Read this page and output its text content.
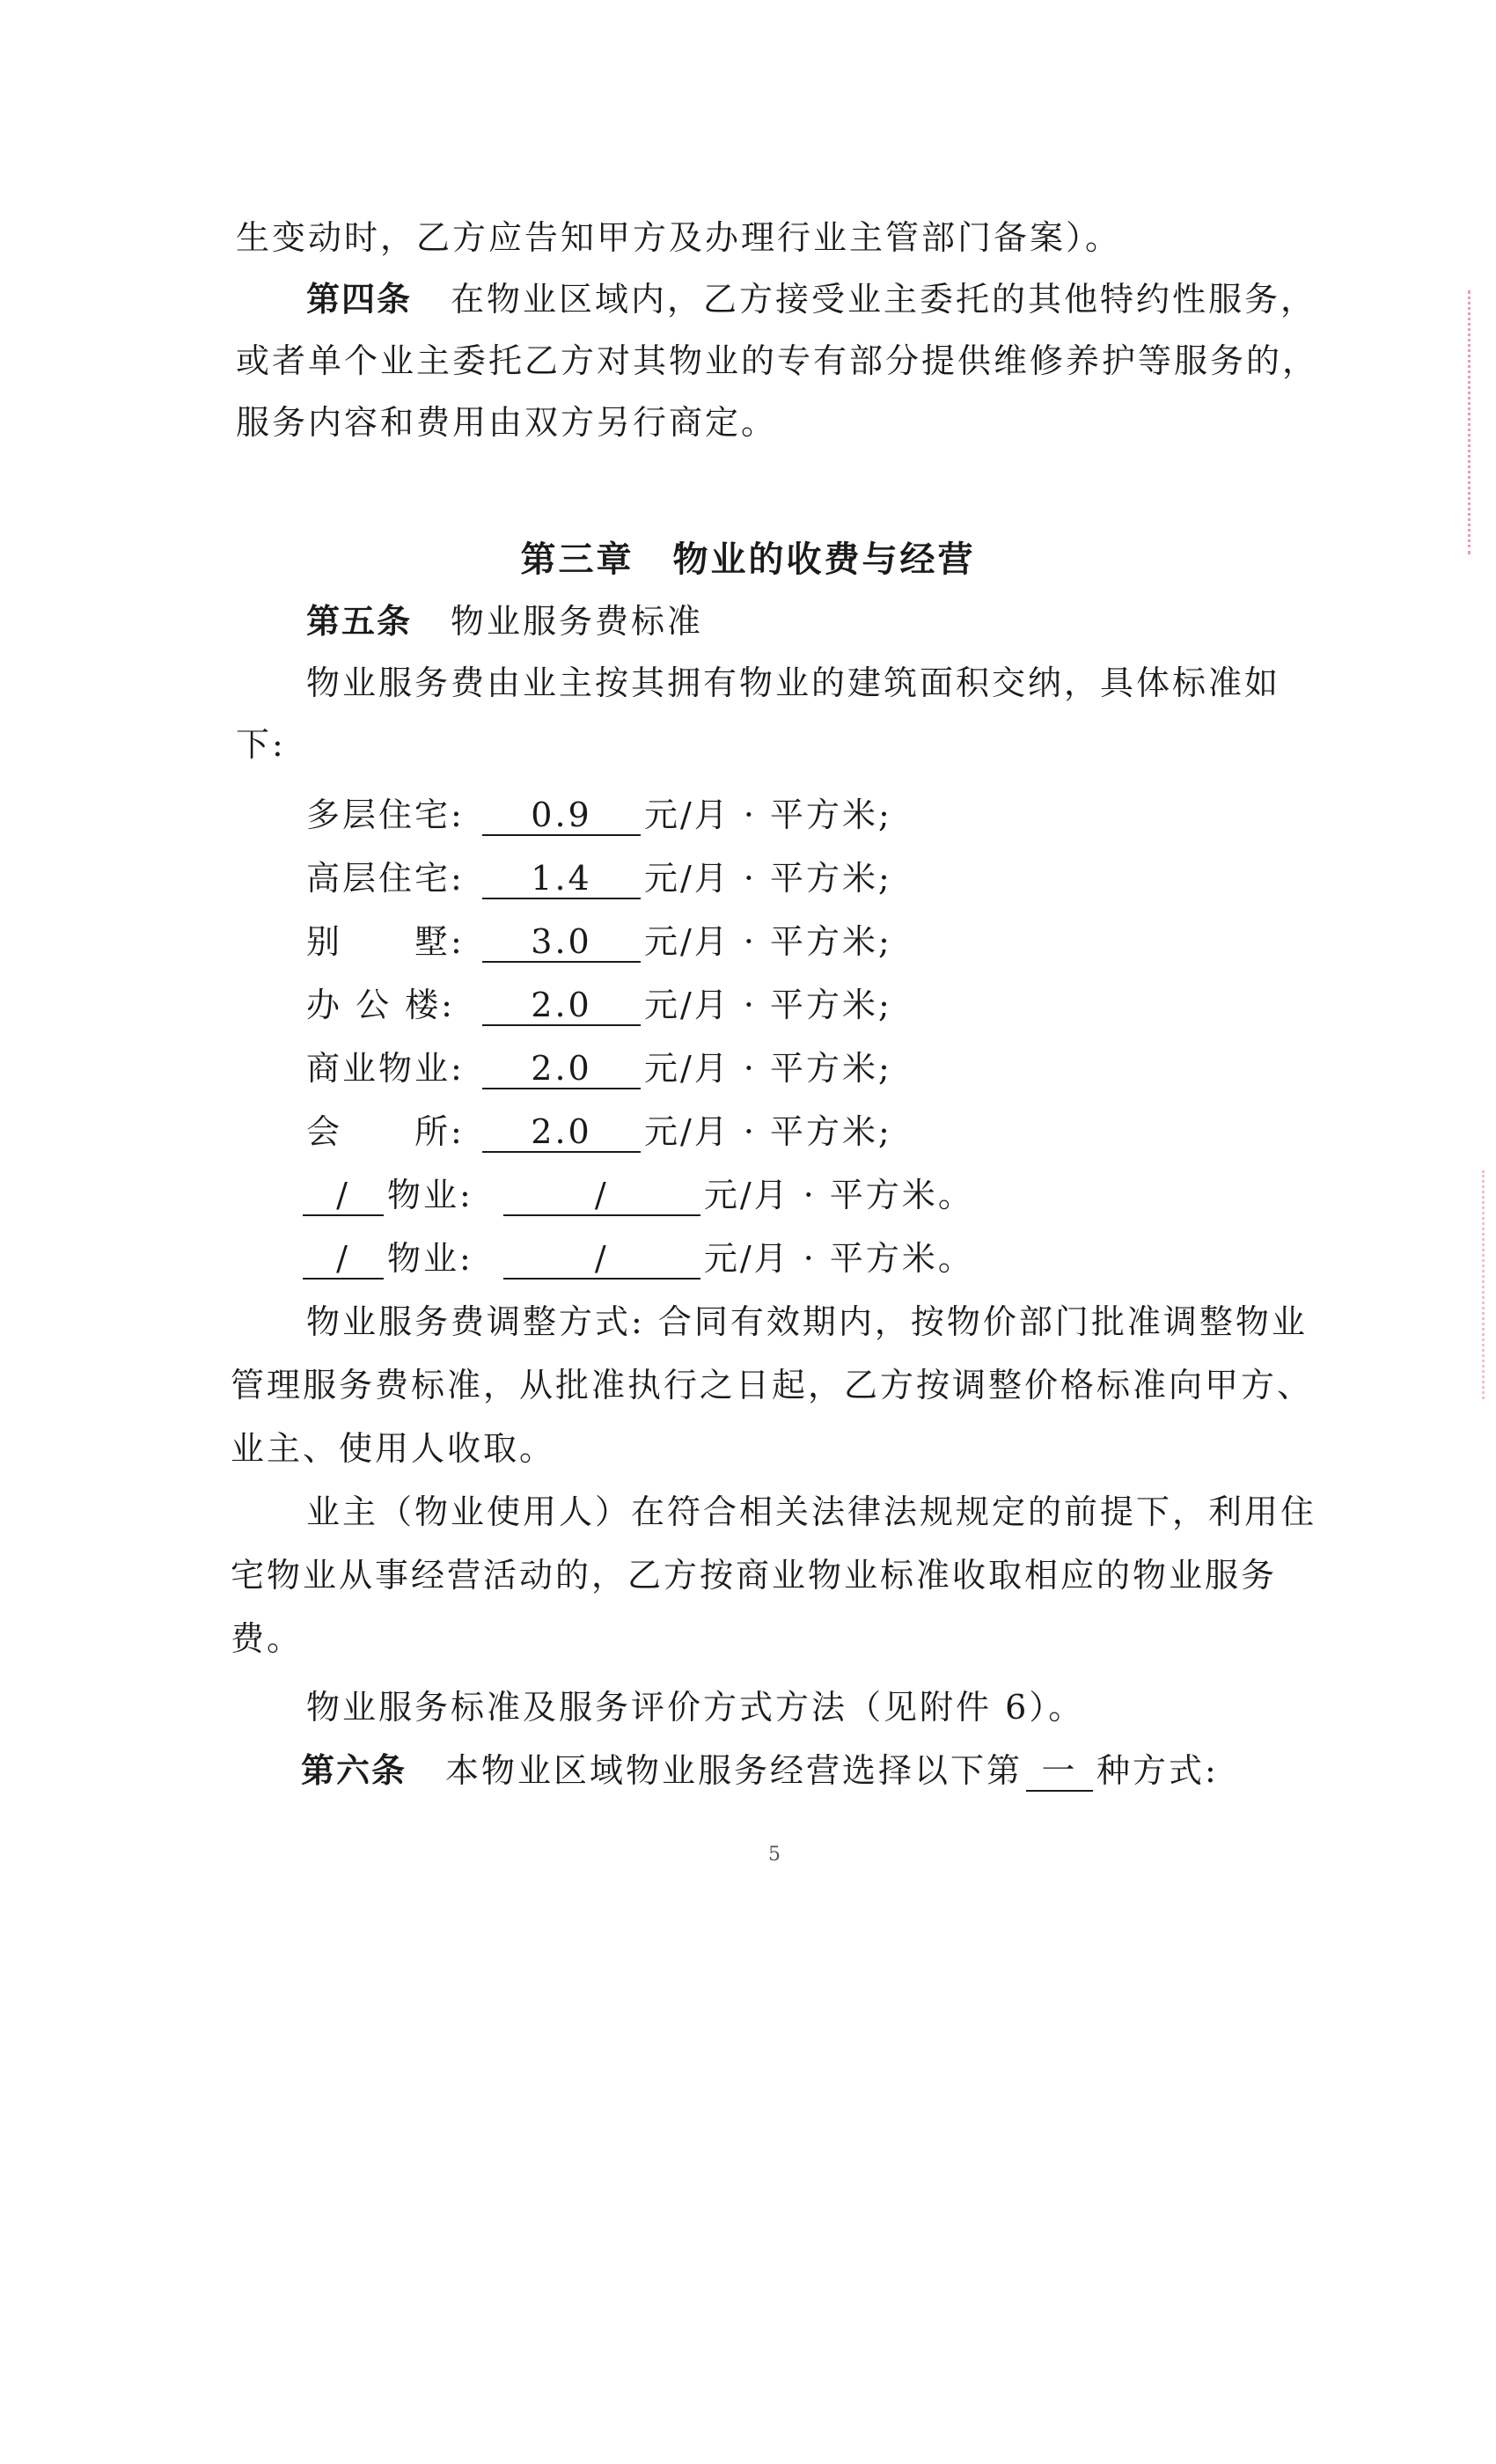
生变动时，乙方应告知甲方及办理行业主管部门备案）。
第四条 在物业区域内，乙方接受业主委托的其他特约性服务，
或者单个业主委托乙方对其物业的专有部分提供维修养护等服务的，
服务内容和费用由双方另行商定。
第三章 物业的收费与经营
第五条 物业服务费标准
物业服务费由业主按其拥有物业的建筑面积交纳，具体标准如
下:
多层住宅: 0.9 元/月 · 平方米;
高层住宅: 1.4 元/月 · 平方米;
别　　墅: 3.0 元/月 · 平方米;
办 公 楼: 2.0 元/月 · 平方米;
商业物业: 2.0 元/月 · 平方米;
会　　所: 2.0 元/月 · 平方米;
/ 物业:	/	元/月 · 平方米。
/ 物业:	/	元/月 · 平方米。
物业服务费调整方式: 合同有效期内，按物价部门批准调整物业
管理服务费标准，从批准执行之日起，乙方按调整价格标准向甲方、
业主、使用人收取。
业主（物业使用人）在符合相关法律法规规定的前提下，利用住
宅物业从事经营活动的，乙方按商业物业标准收取相应的物业服务
费。
物业服务标准及服务评价方式方法（见附件 6）。
第六条 本物业区域物业服务经营选择以下第 一 种方式:
5
